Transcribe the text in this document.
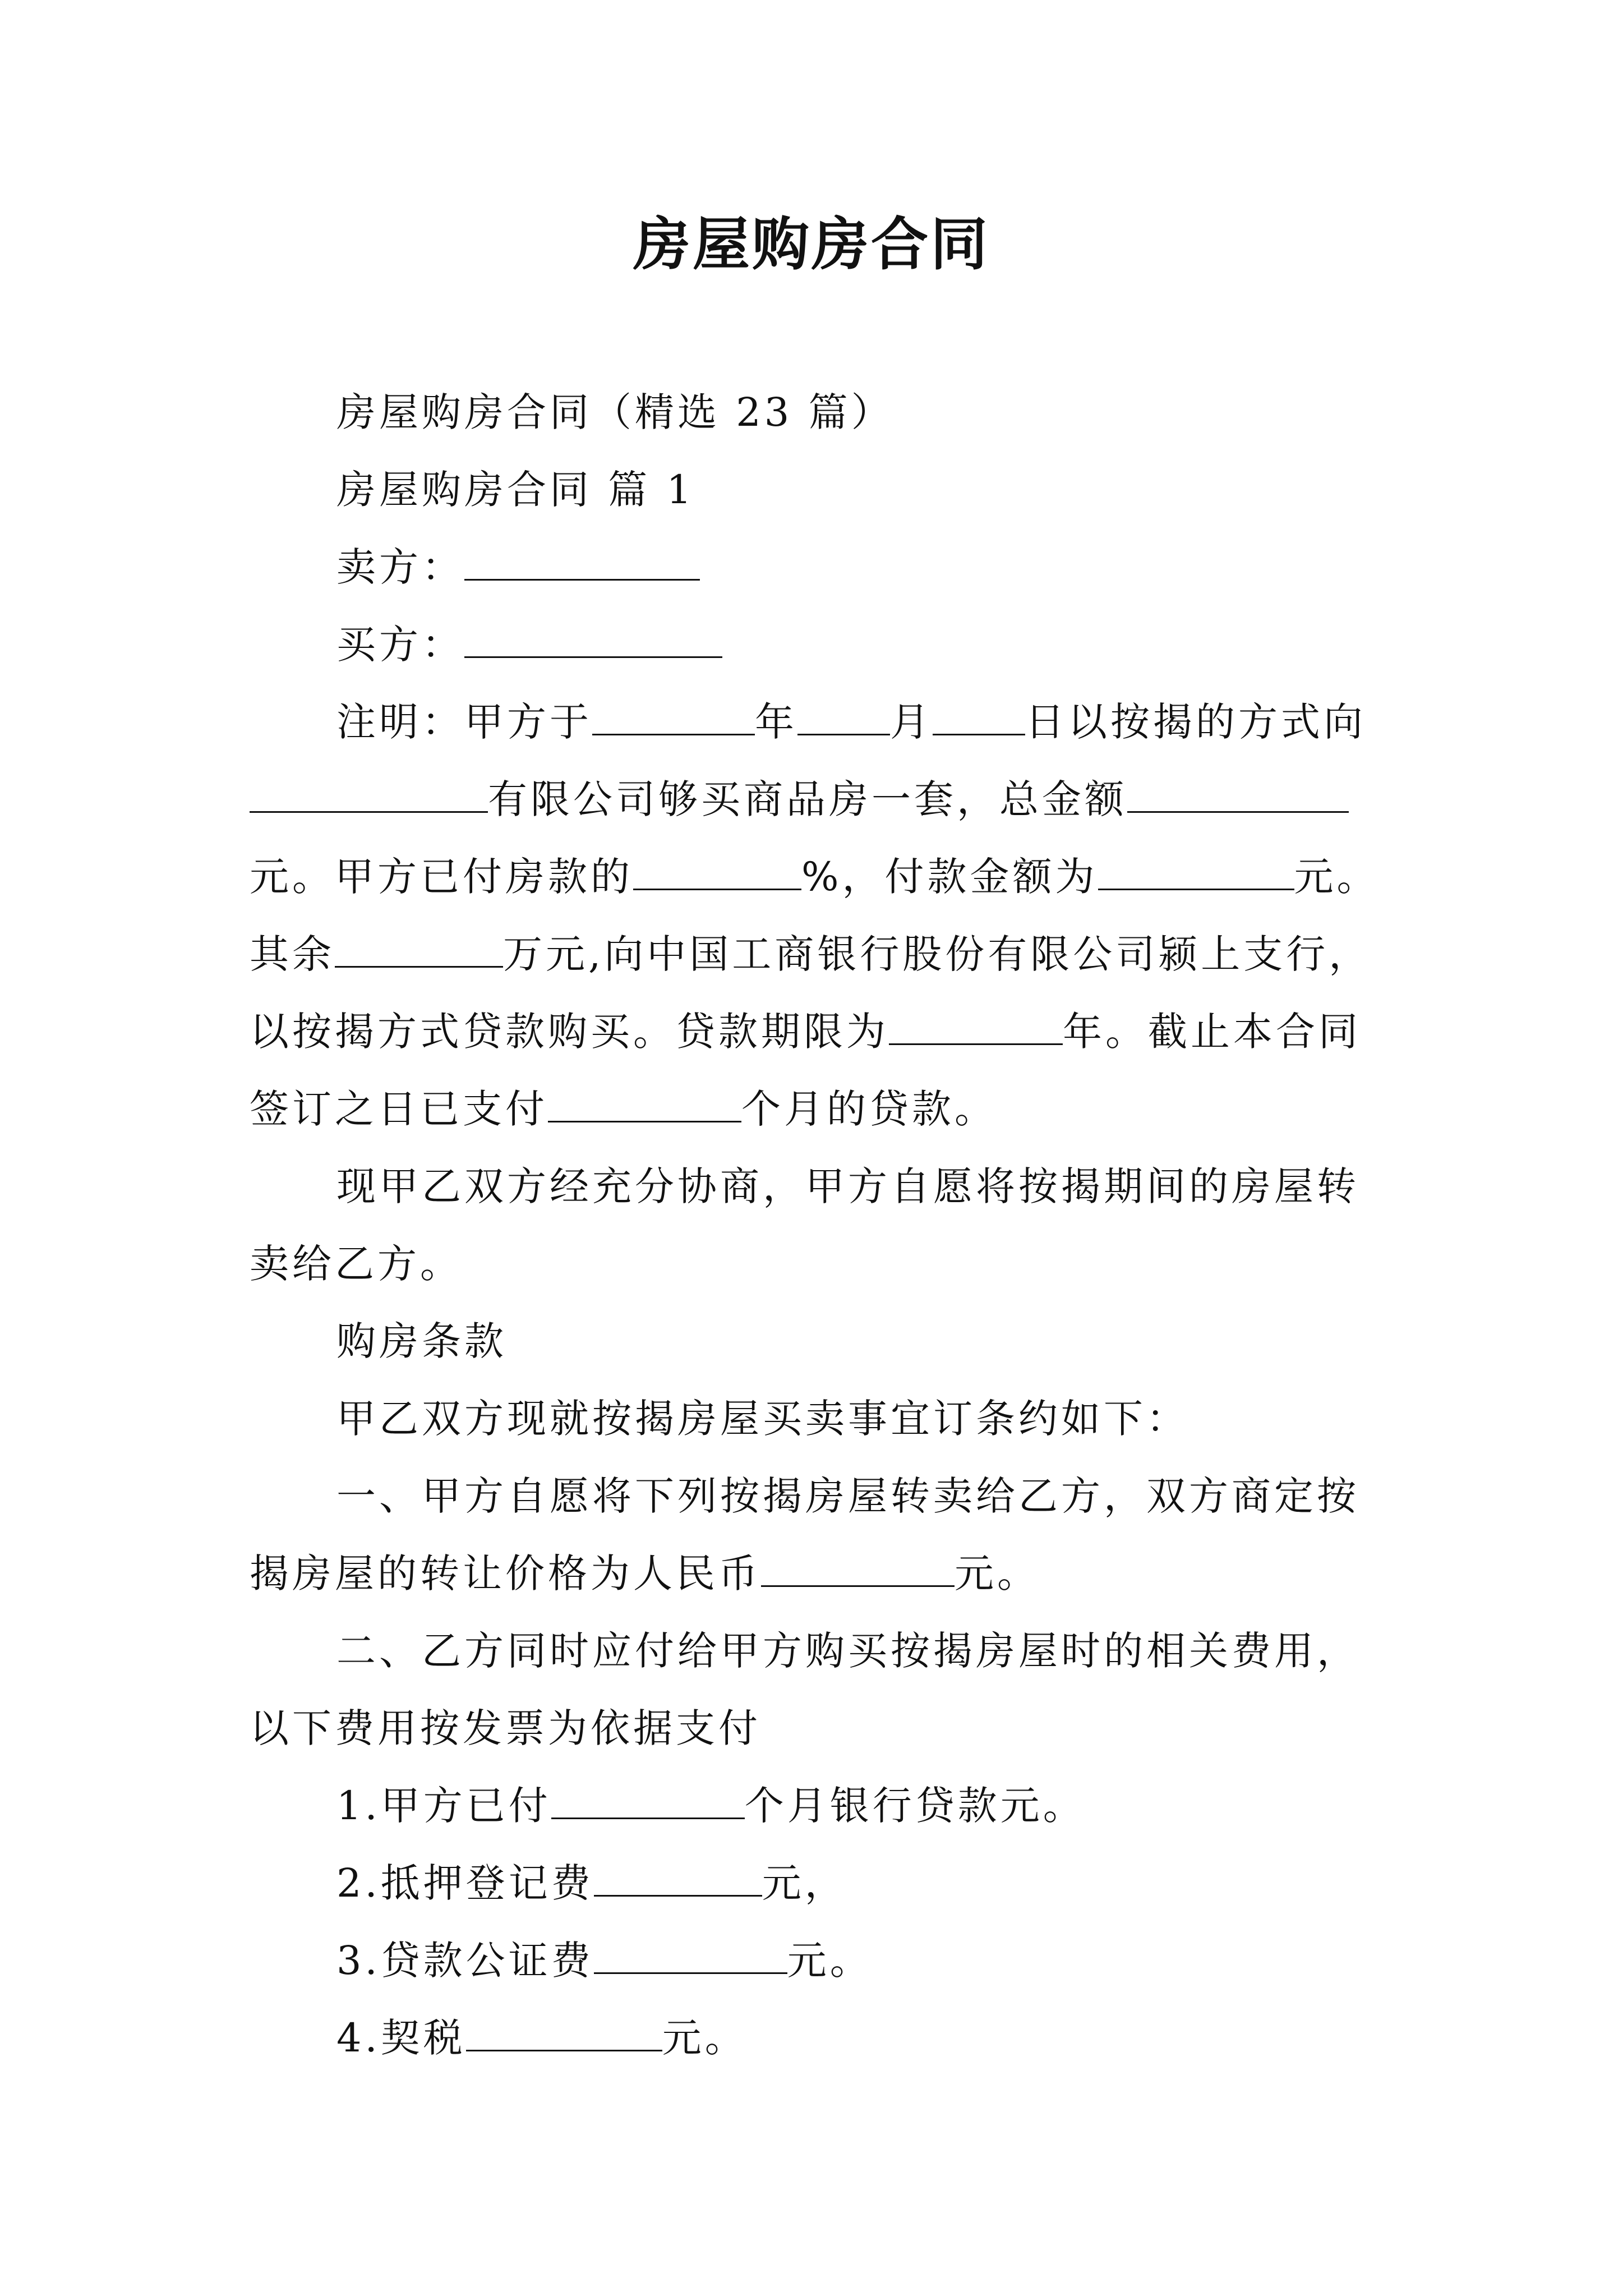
房屋购房合同
房屋购房合同（精选 23 篇）
房屋购房合同 篇 1
卖方：
买方：
注明：甲方于	年 月 日以按揭的方式向
有限公司够买商品房一套，总金额
元。甲方已付房款的	%，付款金额为	元。
其余	万元,向中国工商银行股份有限公司颍上支行，
以按揭方式贷款购买。贷款期限为	年。截止本合同
签订之日已支付	个月的贷款。
现甲乙双方经充分协商，甲方自愿将按揭期间的房屋转
卖给乙方。
购房条款
甲乙双方现就按揭房屋买卖事宜订条约如下：
一、甲方自愿将下列按揭房屋转卖给乙方，双方商定按
揭房屋的转让价格为人民币	元。
二、乙方同时应付给甲方购买按揭房屋时的相关费用，
以下费用按发票为依据支付
1.甲方已付	个月银行贷款元。
2.抵押登记费	元，
3.贷款公证费	元。
4.契税	元。
